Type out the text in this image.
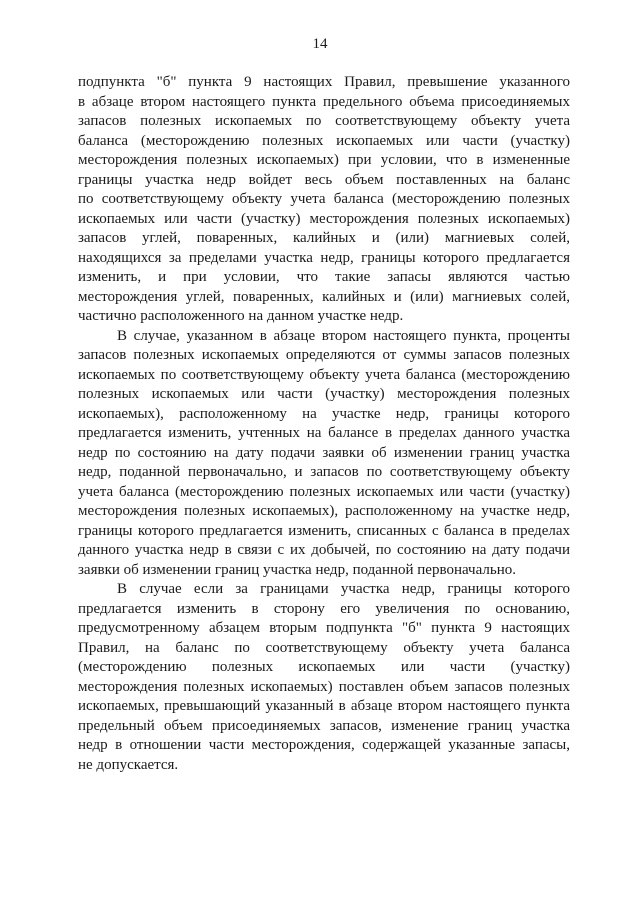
14
подпункта "б" пункта 9 настоящих Правил, превышение указанного
в абзаце втором настоящего пункта предельного объема присоединяемых
запасов полезных ископаемых по соответствующему объекту учета
баланса (месторождению полезных ископаемых или части (участку)
месторождения полезных ископаемых) при условии, что в измененные
границы участка недр войдет весь объем поставленных на баланс
по соответствующему объекту учета баланса (месторождению полезных
ископаемых или части (участку) месторождения полезных ископаемых)
запасов углей, поваренных, калийных и (или) магниевых солей,
находящихся за пределами участка недр, границы которого предлагается
изменить, и при условии, что такие запасы являются частью
месторождения углей, поваренных, калийных и (или) магниевых солей,
частично расположенного на данном участке недр.
В случае, указанном в абзаце втором настоящего пункта, проценты
запасов полезных ископаемых определяются от суммы запасов полезных
ископаемых по соответствующему объекту учета баланса (месторождению
полезных ископаемых или части (участку) месторождения полезных
ископаемых), расположенному на участке недр, границы которого
предлагается изменить, учтенных на балансе в пределах данного участка
недр по состоянию на дату подачи заявки об изменении границ участка
недр, поданной первоначально, и запасов по соответствующему объекту
учета баланса (месторождению полезных ископаемых или части (участку)
месторождения полезных ископаемых), расположенному на участке недр,
границы которого предлагается изменить, списанных с баланса в пределах
данного участка недр в связи с их добычей, по состоянию на дату подачи
заявки об изменении границ участка недр, поданной первоначально.
В случае если за границами участка недр, границы которого
предлагается изменить в сторону его увеличения по основанию,
предусмотренному абзацем вторым подпункта "б" пункта 9 настоящих
Правил, на баланс по соответствующему объекту учета баланса
(месторождению полезных ископаемых или части (участку)
месторождения полезных ископаемых) поставлен объем запасов полезных
ископаемых, превышающий указанный в абзаце втором настоящего пункта
предельный объем присоединяемых запасов, изменение границ участка
недр в отношении части месторождения, содержащей указанные запасы,
не допускается.
